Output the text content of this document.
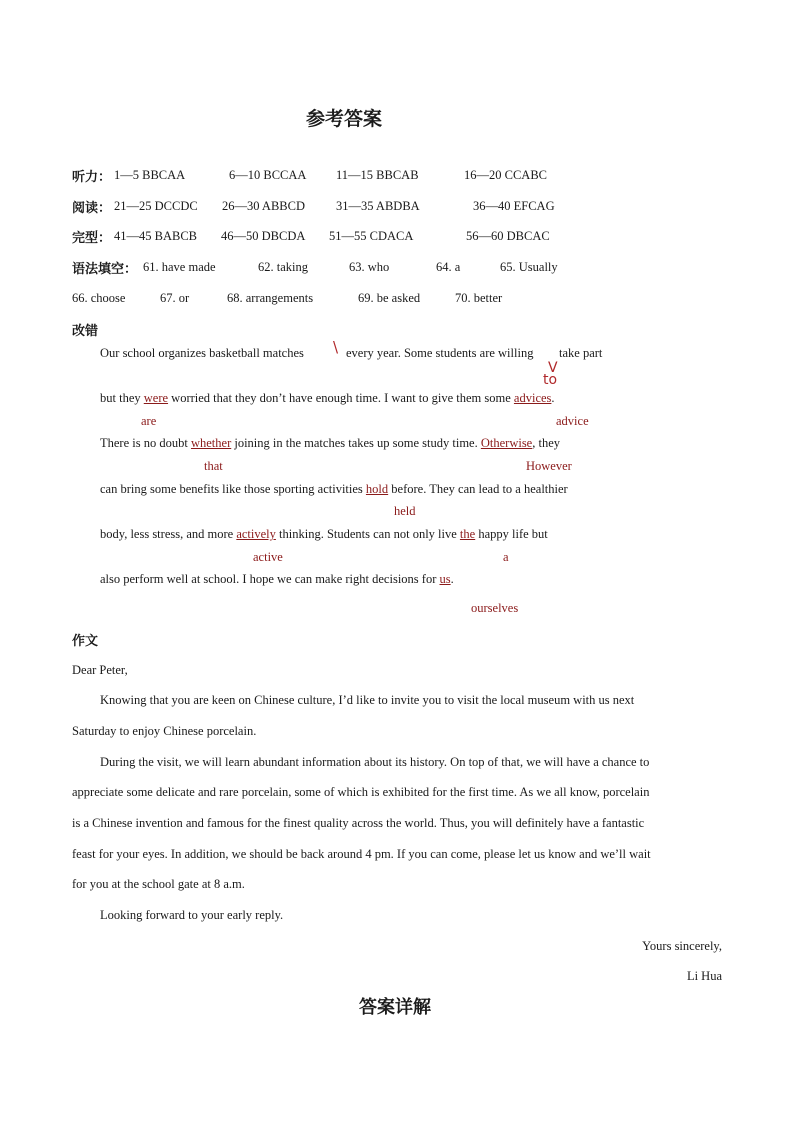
参考答案
听力： 1—5 BBCAA	6—10 BCCAA 11—15 BBCAB	16—20 CCABC
阅读： 21—25 DCCDC 26—30 ABBCD 31—35 ABDBA	36—40 EFCAG
完型： 41—45 BABCB 46—50 DBCDA 51—55 CDACA	56—60 DBCAC
语法填空： 61. have made	62. taking	63. who	64. a	65. Usually
66. choose	67. or	68. arrangements	69. be asked	70. better
改错
Our school organizes basketball matches \ every year. Some students are willing take part
V
to
but they were worried that they don’t have enough time. I want to give them some advices.
are	advice
There is no doubt whether joining in the matches takes up some study time. Otherwise, they
that	However
can bring some benefits like those sporting activities hold before. They can lead to a healthier
held
body, less stress, and more actively thinking. Students can not only live the happy life but
active	a
also perform well at school. I hope we can make right decisions for us.
ourselves
作文
Dear Peter,
Knowing that you are keen on Chinese culture, I’d like to invite you to visit the local museum with us next
Saturday to enjoy Chinese porcelain.
During the visit, we will learn abundant information about its history. On top of that, we will have a chance to
appreciate some delicate and rare porcelain, some of which is exhibited for the first time. As we all know, porcelain
is a Chinese invention and famous for the finest quality across the world. Thus, you will definitely have a fantastic
feast for your eyes. In addition, we should be back around 4 pm. If you can come, please let us know and we’ll wait
for you at the school gate at 8 a.m.
Looking forward to your early reply.
Yours sincerely,
Li Hua
答案详解
